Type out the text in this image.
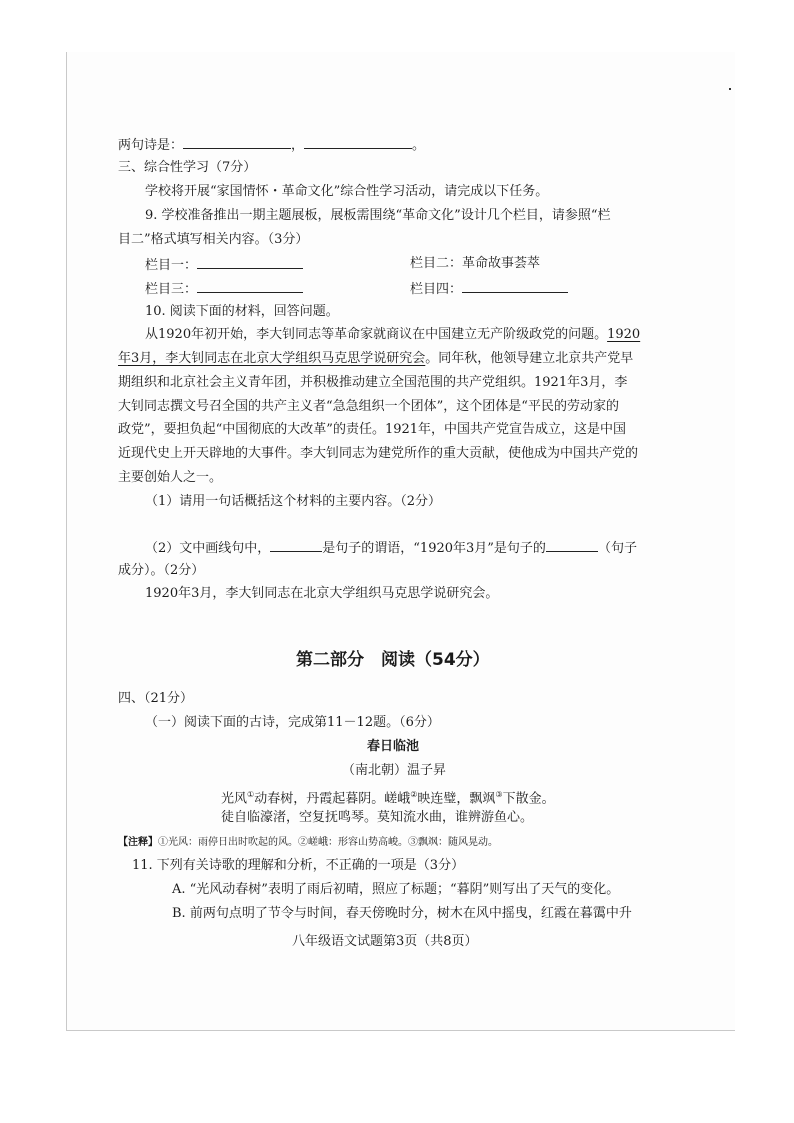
两句诗是：	，	。
三、综合性学习（7分）
学校将开展“家国情怀・革命文化”综合性学习活动，请完成以下任务。
9. 学校准备推出一期主题展板，展板需围绕“革命文化”设计几个栏目，请参照“栏
目二”格式填写相关内容。（3分）
栏目一：	栏目二：革命故事荟萃
栏目三：	栏目四：
10. 阅读下面的材料，回答问题。
从1920年初开始，李大钊同志等革命家就商议在中国建立无产阶级政党的问题。1920
年3月，李大钊同志在北京大学组织马克思学说研究会。同年秋，他领导建立北京共产党早
期组织和北京社会主义青年团，并积极推动建立全国范围的共产党组织。1921年3月，李
大钊同志撰文号召全国的共产主义者“急急组织一个团体”，这个团体是“平民的劳动家的
政党”，要担负起“中国彻底的大改革”的责任。1921年，中国共产党宣告成立，这是中国
近现代史上开天辟地的大事件。李大钊同志为建党所作的重大贡献，使他成为中国共产党的
主要创始人之一。
（1）请用一句话概括这个材料的主要内容。（2分）
（2）文中画线句中，	是句子的谓语，“1920年3月”是句子的	（句子
成分）。（2分）
1920年3月，李大钊同志在北京大学组织马克思学说研究会。
第二部分　阅读（54分）
四、（21分）
（一）阅读下面的古诗，完成第11－12题。（6分）
春日临池
（南北朝）温子昇
光风①动春树，丹霞起暮阴。嵯峨②映连璧，飘飒③下散金。
徒自临濠渚，空复抚鸣琴。莫知流水曲，谁辨游鱼心。
【注释】①光风：雨停日出时吹起的风。②嵯峨：形容山势高峻。③飘飒：随风晃动。
11. 下列有关诗歌的理解和分析，不正确的一项是（3分）
A. “光风动春树”表明了雨后初晴，照应了标题；“暮阴”则写出了天气的变化。
B. 前两句点明了节令与时间，春天傍晚时分，树木在风中摇曳，红霞在暮霭中升
八年级语文试题第3页（共8页）
